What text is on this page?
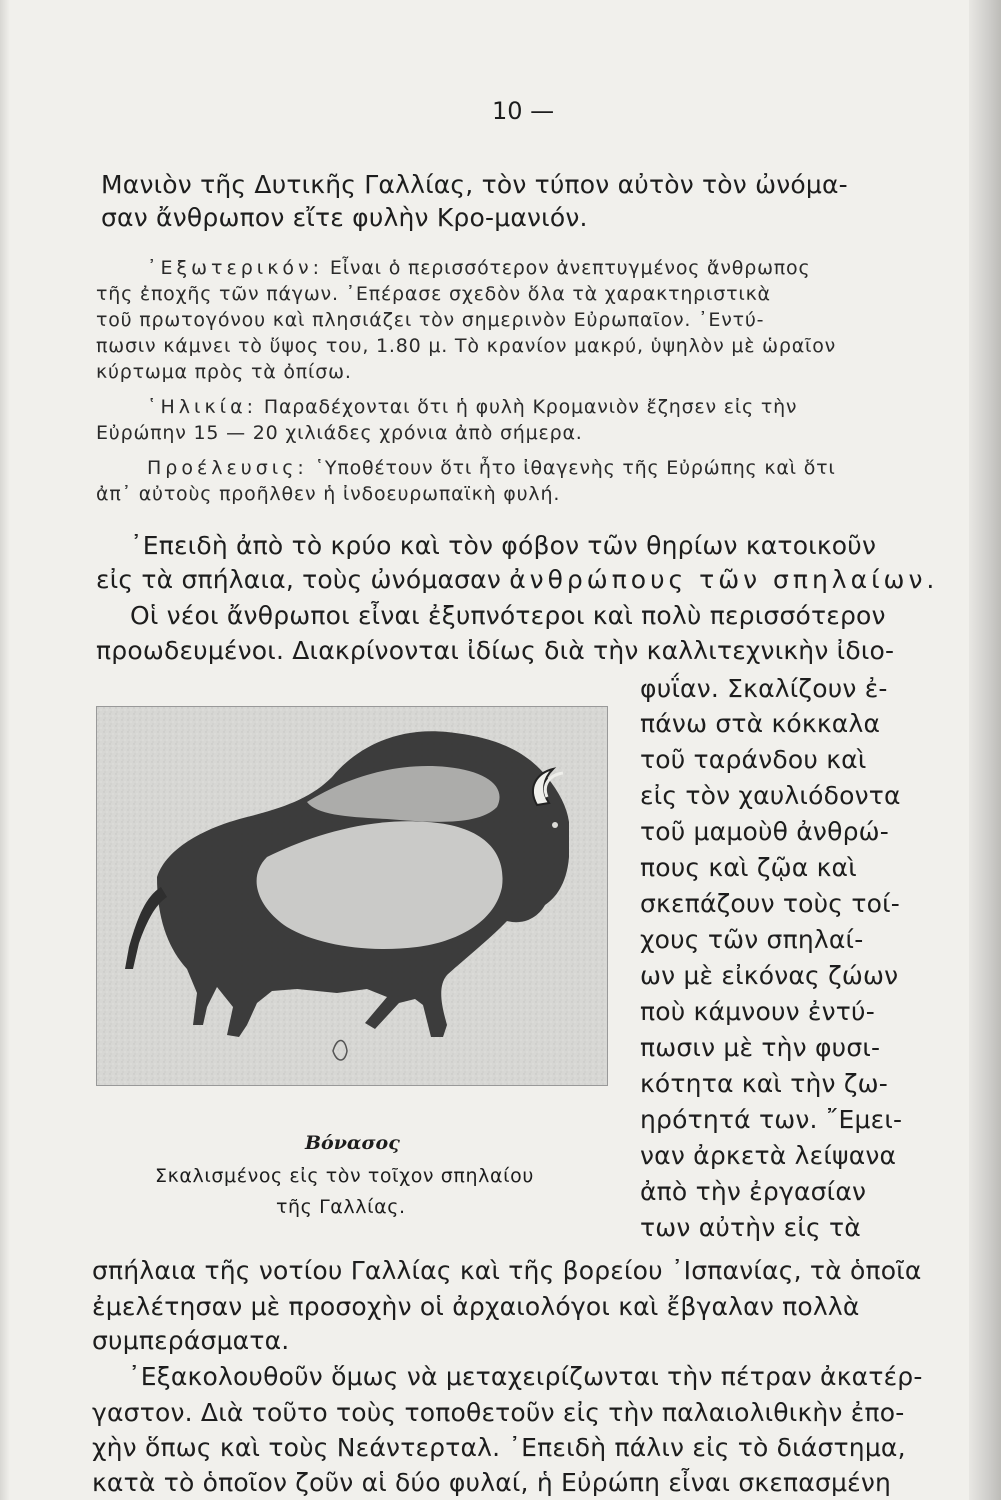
10 —
Μανιὸν τῆς Δυτικῆς Γαλλίας, τὸν τύπον αὐτὸν τὸν ὠνόμα-
σαν ἄνθρωπον εἴτε φυλὴν Κρο-μανιόν.
᾿Εξωτερικόν: Εἶναι ὁ περισσότερον ἀνεπτυγμένος ἄνθρωπος
τῆς ἐποχῆς τῶν πάγων. ᾿Επέρασε σχεδὸν ὅλα τὰ χαρακτηριστικὰ
τοῦ πρωτογόνου καὶ πλησιάζει τὸν σημερινὸν Εὐρωπαῖον. ᾿Εντύ-
πωσιν κάμνει τὸ ὕψος του, 1.80 μ. Τὸ κρανίον μακρύ, ὑψηλὸν μὲ ὡραῖον
κύρτωμα πρὸς τὰ ὀπίσω.
῾Ηλικία: Παραδέχονται ὅτι ἡ φυλὴ Κρομανιὸν ἔζησεν εἰς τὴν
Εὐρώπην 15 — 20 χιλιάδες χρόνια ἀπὸ σήμερα.
Προέλευσις: ῾Υποθέτουν ὅτι ἦτο ἰθαγενὴς τῆς Εὐρώπης καὶ ὅτι
ἀπ᾿ αὐτοὺς προῆλθεν ἡ ἰνδοευρωπαϊκὴ φυλή.
᾿Επειδὴ ἀπὸ τὸ κρύο καὶ τὸν φόβον τῶν θηρίων κατοικοῦν
εἰς τὰ σπήλαια, τοὺς ὠνόμασαν ἀνθρώπους τῶν σπηλαίων.
Οἱ νέοι ἄνθρωποι εἶναι ἐξυπνότεροι καὶ πολὺ περισσότερον
προωδευμένοι. Διακρίνονται ἰδίως διὰ τὴν καλλιτεχνικὴν ἰδιο-
φυΐαν. Σκαλίζουν ἐ-
πάνω στὰ κόκκαλα
τοῦ ταράνδου καὶ
εἰς τὸν χαυλιόδοντα
τοῦ μαμοὺθ ἀνθρώ-
πους καὶ ζῷα καὶ
σκεπάζουν τοὺς τοί-
χους τῶν σπηλαί-
ων μὲ εἰκόνας ζώων
ποὺ κάμνουν ἐντύ-
πωσιν μὲ τὴν φυσι-
κότητα καὶ τὴν ζω-
ηρότητά των. ῎Εμει-
ναν ἀρκετὰ λείψανα
ἀπὸ τὴν ἐργασίαν
των αὐτὴν εἰς τὰ
Βόνασος
Σκαλισμένος εἰς τὸν τοῖχον σπηλαίου
τῆς Γαλλίας.
σπήλαια τῆς νοτίου Γαλλίας καὶ τῆς βορείου ᾿Ισπανίας, τὰ ὁποῖα
ἐμελέτησαν μὲ προσοχὴν οἱ ἀρχαιολόγοι καὶ ἔβγαλαν πολλὰ
συμπεράσματα.
᾿Εξακολουθοῦν ὅμως νὰ μεταχειρίζωνται τὴν πέτραν ἀκατέρ-
γαστον. Διὰ τοῦτο τοὺς τοποθετοῦν εἰς τὴν παλαιολιθικὴν ἐπο-
χὴν ὅπως καὶ τοὺς Νεάντερταλ. ᾿Επειδὴ πάλιν εἰς τὸ διάστημα,
κατὰ τὸ ὁποῖον ζοῦν αἱ δύο φυλαί, ἡ Εὐρώπη εἶναι σκεπασμένη
